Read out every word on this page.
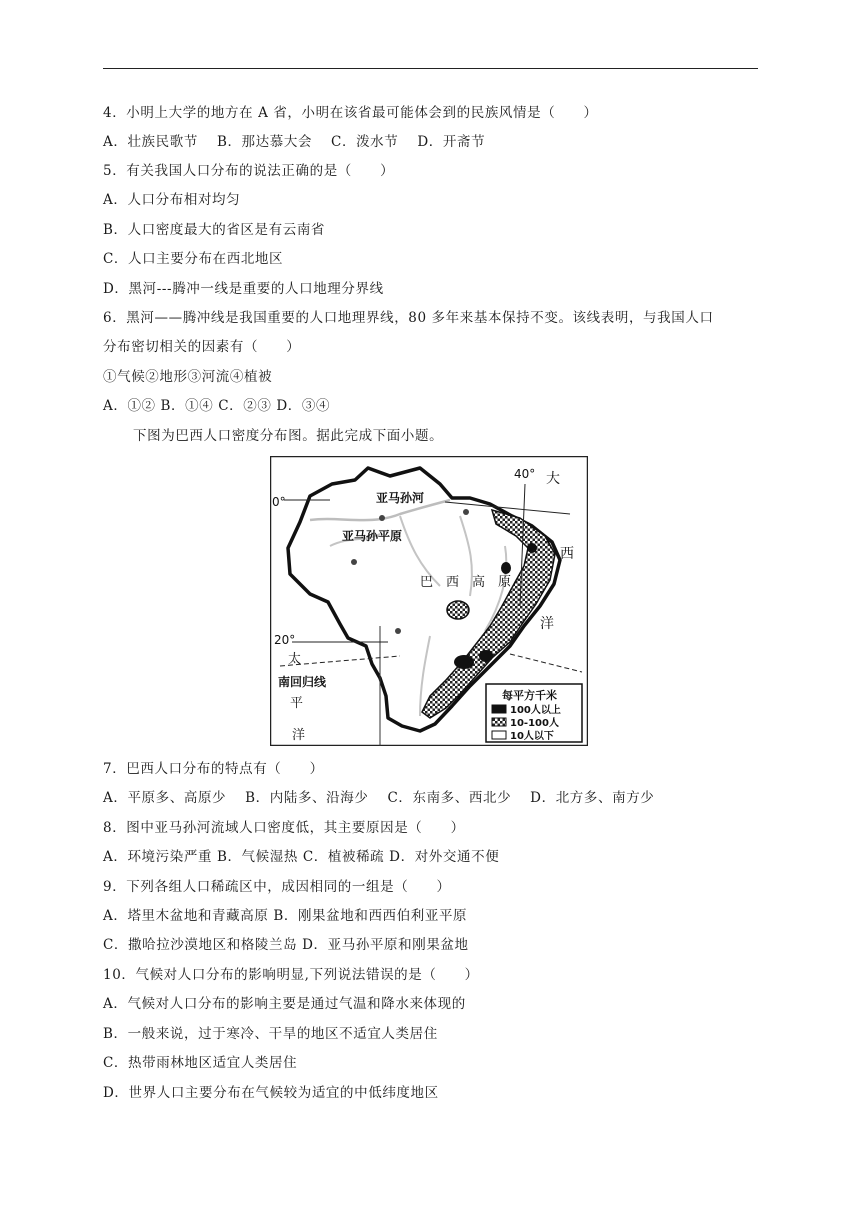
4．小明上大学的地方在 A 省，小明在该省最可能体会到的民族风情是（　　）
A．壮族民歌节　 B．那达慕大会　 C．泼水节　 D．开斋节
5．有关我国人口分布的说法正确的是（　　）
A．人口分布相对均匀
B．人口密度最大的省区是有云南省
C．人口主要分布在西北地区
D．黑河---腾冲一线是重要的人口地理分界线
6．黑河——腾冲线是我国重要的人口地理界线，80 多年来基本保持不变。该线表明，与我国人口
分布密切相关的因素有（　　）
①气候②地形③河流④植被
A．①② B．①④ C．②③ D．③④
下图为巴西人口密度分布图。据此完成下面小题。
40° 大
西
洋
0°	亚马孙河
亚马孙平原
巴　西　高　原
20°
太
南回归线
平
洋
每平方千米
100人以上
10-100人
10人以下
7．巴西人口分布的特点有（　　）
A．平原多、高原少　 B．内陆多、沿海少　 C．东南多、西北少　 D．北方多、南方少
8．图中亚马孙河流域人口密度低，其主要原因是（　　）
A．环境污染严重 B．气候湿热 C．植被稀疏 D．对外交通不便
9．下列各组人口稀疏区中，成因相同的一组是（　　）
A．塔里木盆地和青藏高原 B．刚果盆地和西西伯利亚平原
C．撒哈拉沙漠地区和格陵兰岛 D．亚马孙平原和刚果盆地
10．气候对人口分布的影响明显,下列说法错误的是（　　）
A．气候对人口分布的影响主要是通过气温和降水来体现的
B．一般来说，过于寒冷、干旱的地区不适宜人类居住
C．热带雨林地区适宜人类居住
D．世界人口主要分布在气候较为适宜的中低纬度地区
